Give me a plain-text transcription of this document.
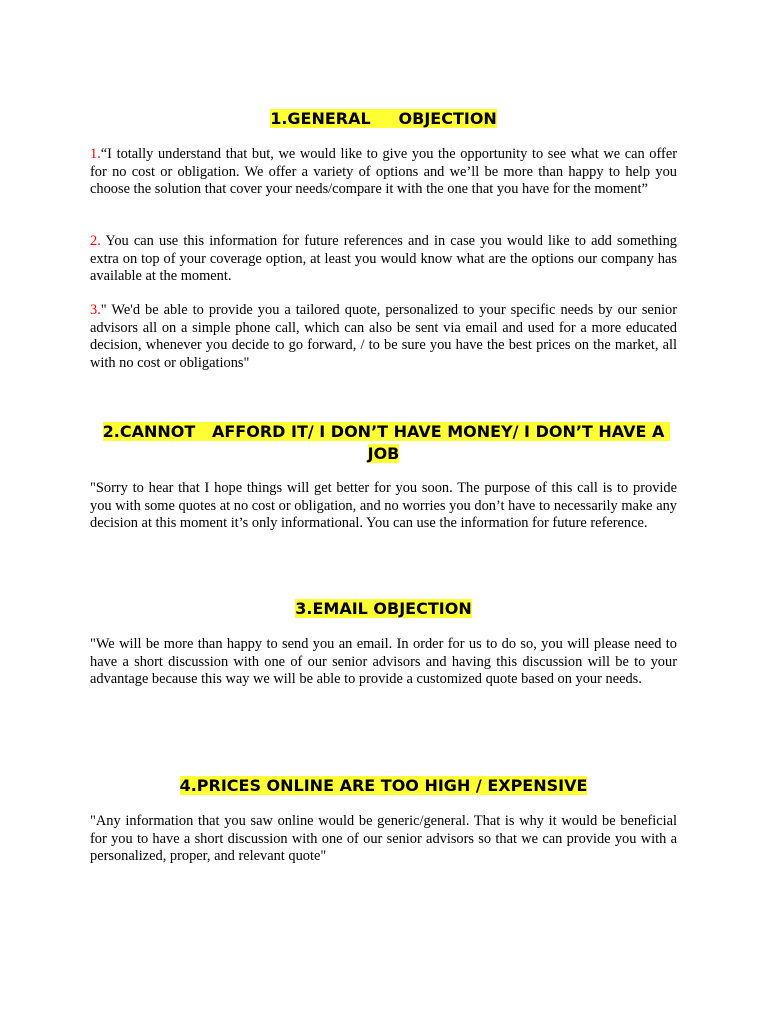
1.GENERAL     OBJECTION

1.“I totally understand that but, we would like to give you the opportunity to see what we can offer for no cost or obligation. We offer a variety of options and we’ll be more than happy to help you choose the solution that cover your needs/compare it with the one that you have for the moment”

2. You can use this information for future references and in case you would like to add something extra on top of your coverage option, at least you would know what are the options our company has available at the moment.

3." We'd be able to provide you a tailored quote, personalized to your specific needs by our senior advisors all on a simple phone call, which can also be sent via email and used for a more educated decision, whenever you decide to go forward, / to be sure you have the best prices on the market, all with no cost or obligations"

2.CANNOT   AFFORD IT/ I DON’T HAVE MONEY/ I DON’T HAVE A JOB

"Sorry to hear that I hope things will get better for you soon. The purpose of this call is to provide you with some quotes at no cost or obligation, and no worries you don’t have to necessarily make any decision at this moment it’s only informational. You can use the information for future reference.

3.EMAIL OBJECTION

"We will be more than happy to send you an email. In order for us to do so, you will please need to have a short discussion with one of our senior advisors and having this discussion will be to your advantage because this way we will be able to provide a customized quote based on your needs.

4.PRICES ONLINE ARE TOO HIGH / EXPENSIVE

"Any information that you saw online would be generic/general. That is why it would be beneficial for you to have a short discussion with one of our senior advisors so that we can provide you with a personalized, proper, and relevant quote"
